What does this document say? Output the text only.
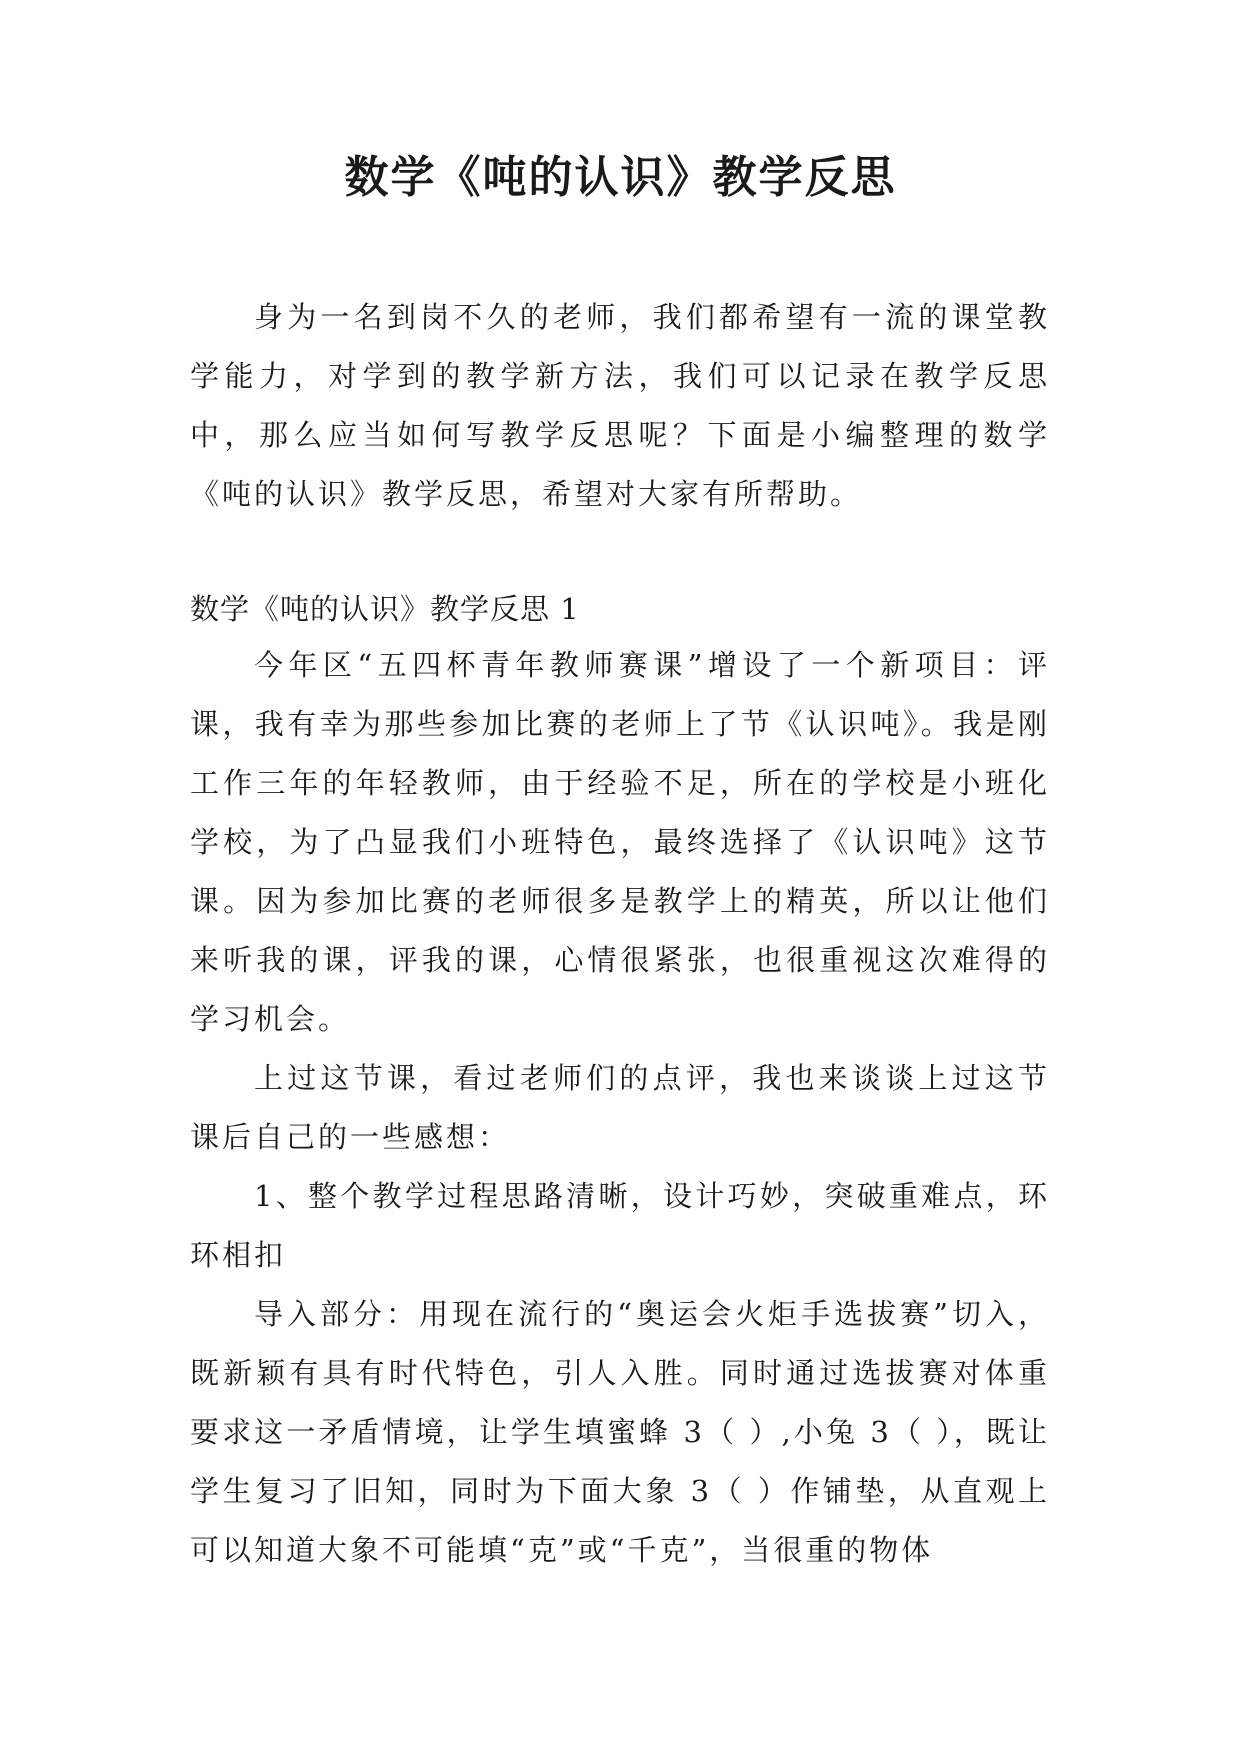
数学《吨的认识》教学反思

身为一名到岗不久的老师，我们都希望有一流的课堂教学能力，对学到的教学新方法，我们可以记录在教学反思中，那么应当如何写教学反思呢？下面是小编整理的数学《吨的认识》教学反思，希望对大家有所帮助。

数学《吨的认识》教学反思 1

今年区“五四杯青年教师赛课”增设了一个新项目：评课，我有幸为那些参加比赛的老师上了节《认识吨》。我是刚工作三年的年轻教师，由于经验不足，所在的学校是小班化学校，为了凸显我们小班特色，最终选择了《认识吨》这节课。因为参加比赛的老师很多是教学上的精英，所以让他们来听我的课，评我的课，心情很紧张，也很重视这次难得的学习机会。

上过这节课，看过老师们的点评，我也来谈谈上过这节课后自己的一些感想：

1、整个教学过程思路清晰，设计巧妙，突破重难点，环环相扣

导入部分：用现在流行的“奥运会火炬手选拔赛”切入，既新颖有具有时代特色，引人入胜。同时通过选拔赛对体重要求这一矛盾情境，让学生填蜜蜂 3（ ）,小兔 3（ ），既让学生复习了旧知，同时为下面大象 3（ ）作铺垫，从直观上可以知道大象不可能填“克”或“千克”，当很重的物体
